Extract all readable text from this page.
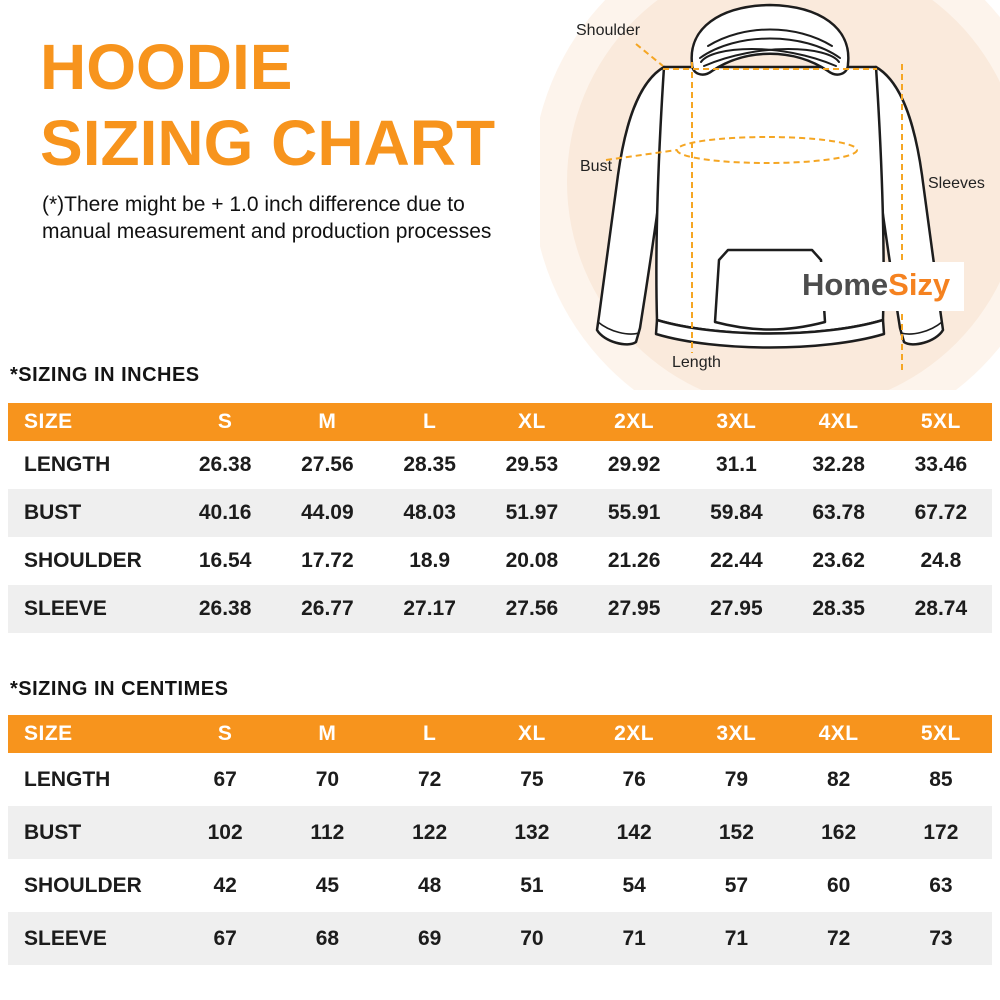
HOODIE
SIZING CHART
(*)There might be + 1.0 inch difference due to
manual measurement and production processes
Shoulder
Bust
Sleeves
Length
HomeSizy
*SIZING IN INCHES
SIZE	S	M	L	XL	2XL	3XL	4XL	5XL
LENGTH	26.38	27.56	28.35	29.53	29.92	31.1	32.28	33.46
BUST	40.16	44.09	48.03	51.97	55.91	59.84	63.78	67.72
SHOULDER	16.54	17.72	18.9	20.08	21.26	22.44	23.62	24.8
SLEEVE	26.38	26.77	27.17	27.56	27.95	27.95	28.35	28.74
*SIZING IN CENTIMES
SIZE	S	M	L	XL	2XL	3XL	4XL	5XL
LENGTH	67	70	72	75	76	79	82	85
BUST	102	112	122	132	142	152	162	172
SHOULDER	42	45	48	51	54	57	60	63
SLEEVE	67	68	69	70	71	71	72	73
